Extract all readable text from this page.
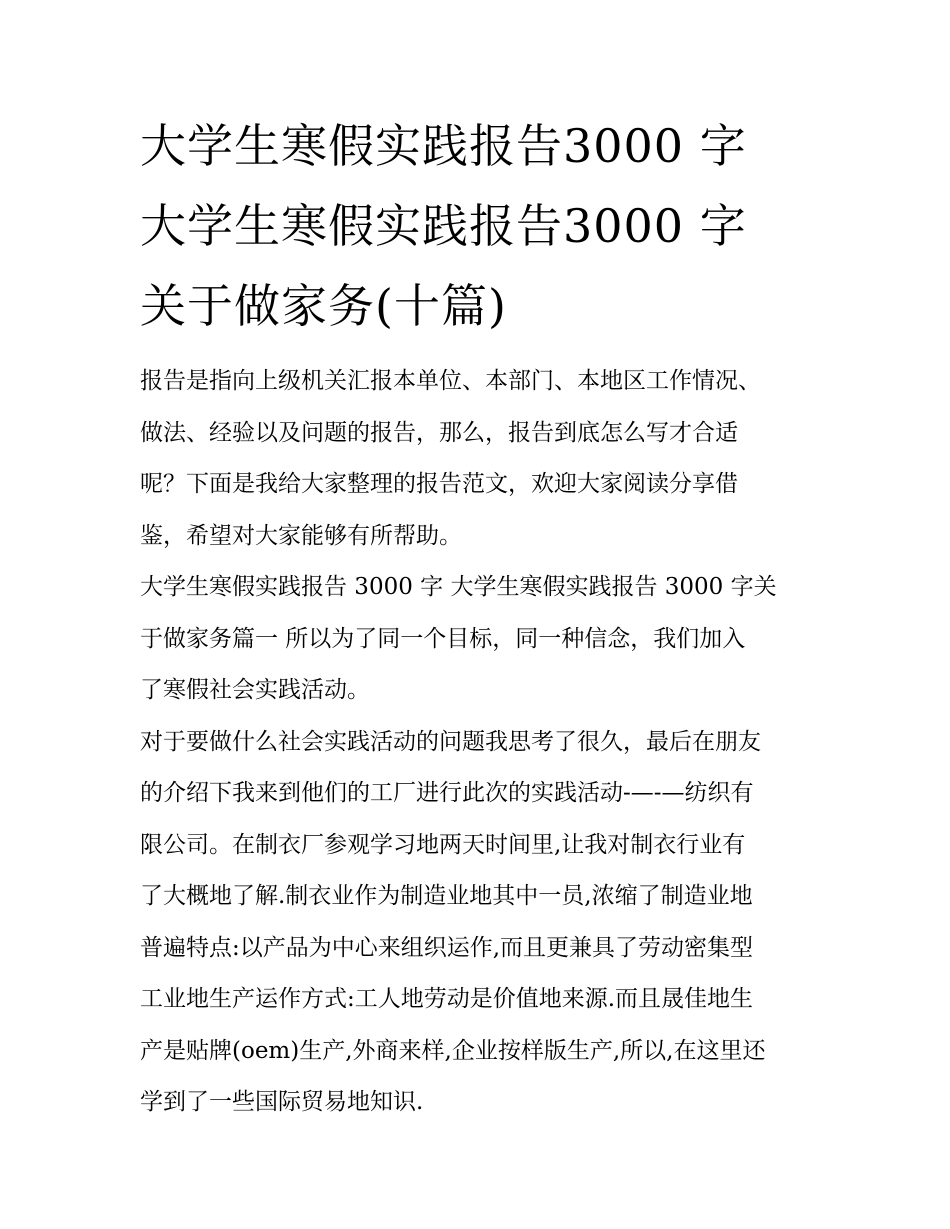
大学生寒假实践报告3000 字
大学生寒假实践报告3000 字
关于做家务(十篇)

报告是指向上级机关汇报本单位、本部门、本地区工作情况、
做法、经验以及问题的报告，那么，报告到底怎么写才合适
呢？下面是我给大家整理的报告范文，欢迎大家阅读分享借
鉴，希望对大家能够有所帮助。

大学生寒假实践报告 3000 字 大学生寒假实践报告 3000 字关
于做家务篇一 所以为了同一个目标，同一种信念，我们加入
了寒假社会实践活动。

对于要做什么社会实践活动的问题我思考了很久，最后在朋友
的介绍下我来到他们的工厂进行此次的实践活动-—-—纺织有
限公司。在制衣厂参观学习地两天时间里,让我对制衣行业有
了大概地了解.制衣业作为制造业地其中一员,浓缩了制造业地
普遍特点:以产品为中心来组织运作,而且更兼具了劳动密集型
工业地生产运作方式:工人地劳动是价值地来源.而且晟佳地生
产是贴牌(oem)生产,外商来样,企业按样版生产,所以,在这里还
学到了一些国际贸易地知识.
